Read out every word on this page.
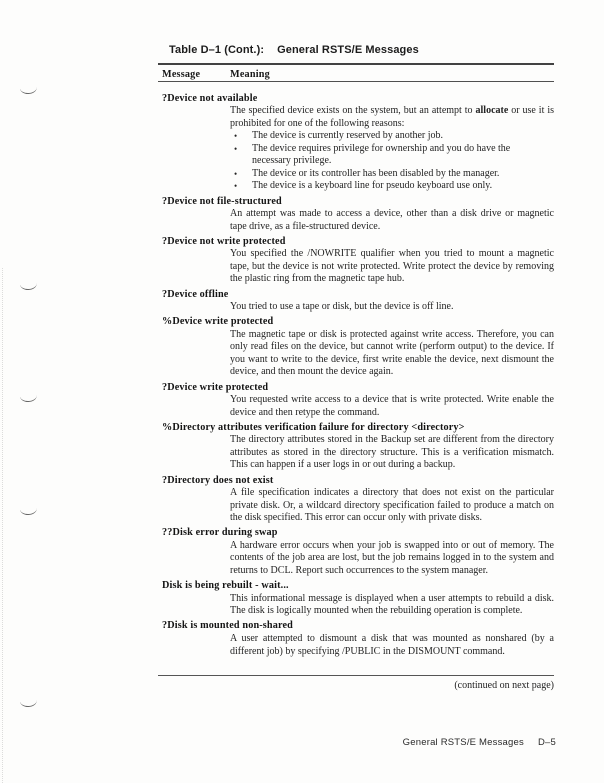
Table D–1 (Cont.): General RSTS/E Messages
Message	Meaning
?Device not available

The specified device exists on the system, but an attempt to allocate or use it is prohibited for one of the following reasons:

• The device is currently reserved by another job.
• The device requires privilege for ownership and you do have the necessary privilege.
• The device or its controller has been disabled by the manager.
• The device is a keyboard line for pseudo keyboard use only.
?Device not file-structured

An attempt was made to access a device, other than a disk drive or magnetic tape drive, as a file-structured device.

?Device not write protected

You specified the /NOWRITE qualifier when you tried to mount a magnetic tape, but the device is not write protected. Write protect the device by removing the plastic ring from the magnetic tape hub.

?Device offline

You tried to use a tape or disk, but the device is off line.

%Device write protected

The magnetic tape or disk is protected against write access. Therefore, you can only read files on the device, but cannot write (perform output) to the device. If you want to write to the device, first write enable the device, next dismount the device, and then mount the device again.

?Device write protected

You requested write access to a device that is write protected. Write enable the device and then retype the command.

%Directory attributes verification failure for directory <directory>

The directory attributes stored in the Backup set are different from the directory attributes as stored in the directory structure. This is a verification mismatch. This can happen if a user logs in or out during a backup.

?Directory does not exist

A file specification indicates a directory that does not exist on the particular private disk. Or, a wildcard directory specification failed to produce a match on the disk specified. This error can occur only with private disks.

??Disk error during swap

A hardware error occurs when your job is swapped into or out of memory. The contents of the job area are lost, but the job remains logged in to the system and returns to DCL. Report such occurrences to the system manager.

Disk is being rebuilt - wait...

This informational message is displayed when a user attempts to rebuild a disk. The disk is logically mounted when the rebuilding operation is complete.

?Disk is mounted non-shared

A user attempted to dismount a disk that was mounted as nonshared (by a different job) by specifying /PUBLIC in the DISMOUNT command.

(continued on next page)
General RSTS/E Messages D–5
